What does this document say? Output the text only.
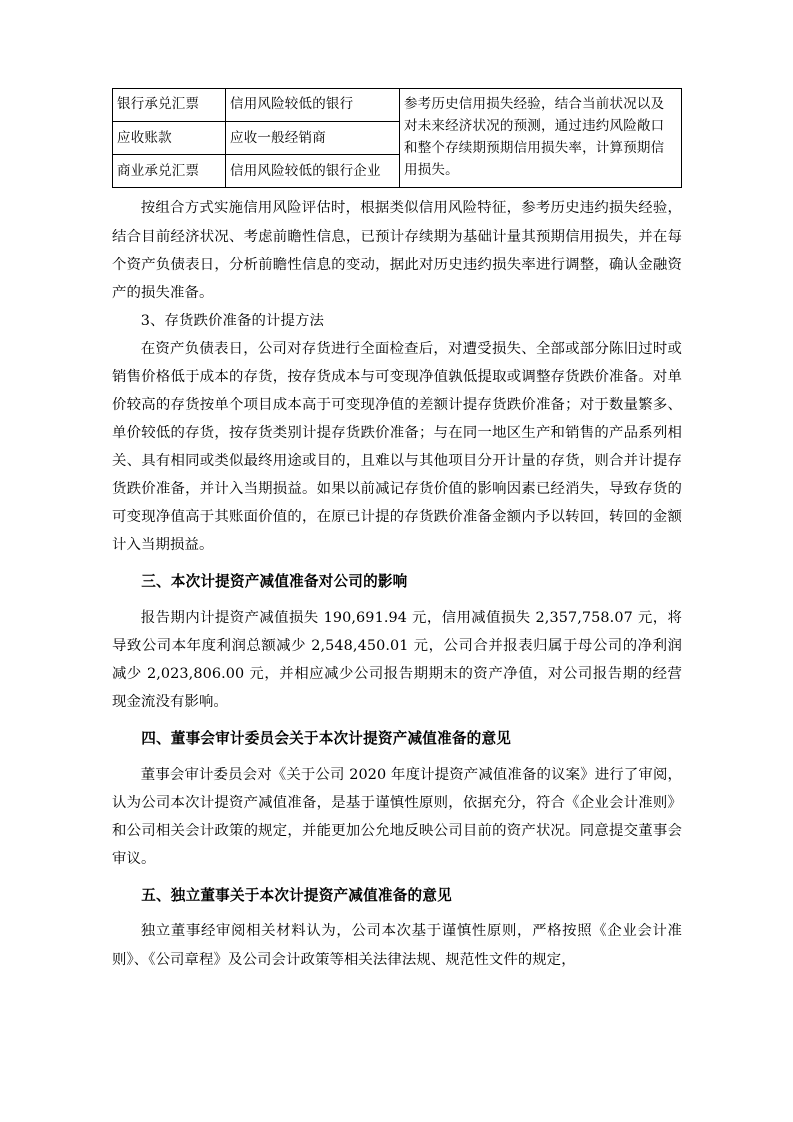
银行承兑汇票	信用风险较低的银行	参考历史信用损失经验，结合当前状况以及对未来经济状况的预测，通过违约风险敞口和整个存续期预期信用损失率，计算预期信用损失。
应收账款	应收一般经销商	
商业承兑汇票	信用风险较低的银行企业	

按组合方式实施信用风险评估时，根据类似信用风险特征，参考历史违约损失经验，结合目前经济状况、考虑前瞻性信息，已预计存续期为基础计量其预期信用损失，并在每个资产负债表日，分析前瞻性信息的变动，据此对历史违约损失率进行调整，确认金融资产的损失准备。

3、存货跌价准备的计提方法

在资产负债表日，公司对存货进行全面检查后，对遭受损失、全部或部分陈旧过时或销售价格低于成本的存货，按存货成本与可变现净值孰低提取或调整存货跌价准备。对单价较高的存货按单个项目成本高于可变现净值的差额计提存货跌价准备；对于数量繁多、单价较低的存货，按存货类别计提存货跌价准备；与在同一地区生产和销售的产品系列相关、具有相同或类似最终用途或目的，且难以与其他项目分开计量的存货，则合并计提存货跌价准备，并计入当期损益。如果以前减记存货价值的影响因素已经消失，导致存货的可变现净值高于其账面价值的，在原已计提的存货跌价准备金额内予以转回，转回的金额计入当期损益。

三、本次计提资产减值准备对公司的影响

报告期内计提资产减值损失 190,691.94 元，信用减值损失 2,357,758.07 元，将导致公司本年度利润总额减少 2,548,450.01 元，公司合并报表归属于母公司的净利润减少 2,023,806.00 元，并相应减少公司报告期期末的资产净值，对公司报告期的经营现金流没有影响。

四、董事会审计委员会关于本次计提资产减值准备的意见

董事会审计委员会对《关于公司 2020 年度计提资产减值准备的议案》进行了审阅，认为公司本次计提资产减值准备，是基于谨慎性原则，依据充分，符合《企业会计准则》和公司相关会计政策的规定，并能更加公允地反映公司目前的资产状况。同意提交董事会审议。

五、独立董事关于本次计提资产减值准备的意见

独立董事经审阅相关材料认为，公司本次基于谨慎性原则，严格按照《企业会计准则》、《公司章程》及公司会计政策等相关法律法规、规范性文件的规定，
